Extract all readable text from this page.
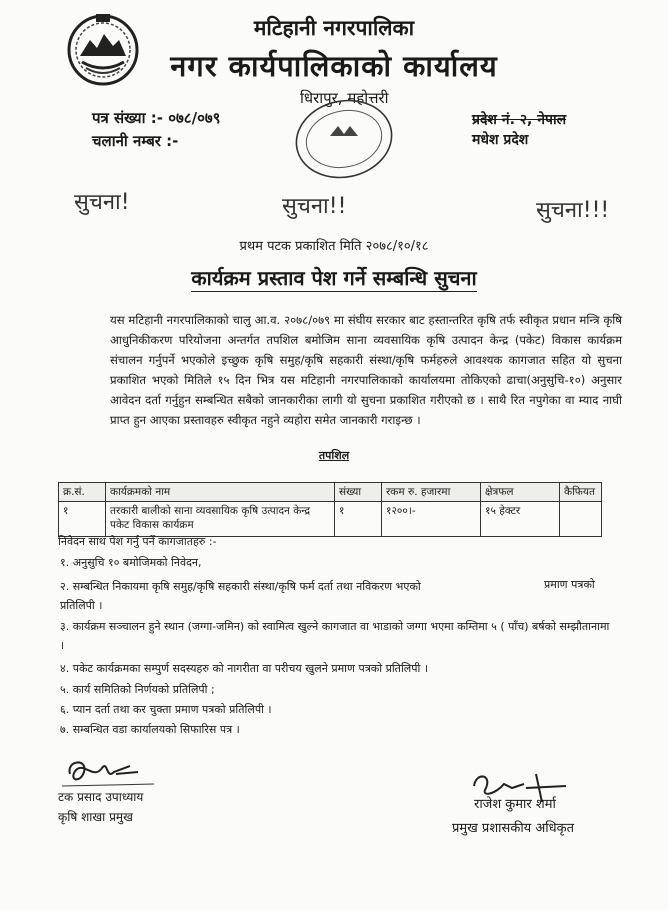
मटिहानी नगरपालिका
नगर कार्यपालिकाको कार्यालय
धिरापुर, महोत्तरी
पत्र संख्या :- ०७८/०७९
चलानी नम्बर :-
प्रदेश नं. २, नेपाल
मधेश प्रदेश
सुचना!	सुचना!!	सुचना!!!
प्रथम पटक प्रकाशित मिति २०७८/१०/१८
कार्यक्रम प्रस्ताव पेश गर्ने सम्बन्धि सुचना
यस मटिहानी नगरपालिकाको चालु आ.व. २०७८/०७९ मा संघीय सरकार बाट हस्तान्तरित कृषि तर्फ स्वीकृत प्रधान मन्त्रि कृषि आधुनिकीकरण परियोजना अन्तर्गत तपशिल बमोजिम साना व्यवसायिक कृषि उत्पादन केन्द्र (पकेट) विकास कार्यक्रम संचालन गर्नुपर्ने भएकोले इच्छुक कृषि समुह/कृषि सहकारी संस्था/कृषि फर्महरुले आवश्यक कागजात सहित यो सुचना प्रकाशित भएको मितिले १५ दिन भित्र यस मटिहानी नगरपालिकाको कार्यालयमा तोकिएको ढाचा(अनुसुचि-१०) अनुसार आवेदन दर्ता गर्नुहुन सम्बन्धित सबैको जानकारीका लागी यो सुचना प्रकाशित गरीएको छ । साथै रित नपुगेका वा म्याद नाघी प्राप्त हुन आएका प्रस्तावहरु स्वीकृत नहुने व्यहोरा समेत जानकारी गराइन्छ ।
तपशिल
क्र.सं.	कार्यक्रमको नाम	संख्या	रकम रु. हजारमा	क्षेत्रफल	कैफियत
१	तरकारी बालीको साना व्यवसायिक कृषि उत्पादन केन्द्र पकेट विकास कार्यक्रम	१	१२००।-	१५ हेक्टर	
निवेदन साथ पेश गर्नु पर्ने कागजातहरु :-
१. अनुसुचि १० बमोजिमको निवेदन,
२. सम्बन्धित निकायमा कृषि समुह/कृषि सहकारी संस्था/कृषि फर्म दर्ता तथा नविकरण भएको
प्रतिलिपी ।
प्रमाण पत्रको
३. कार्यक्रम सञ्चालन हुने स्थान (जग्गा-जमिन) को स्वामित्व खुल्ने कागजात वा भाडाको जग्गा भएमा कम्तिमा ५ ( पाँच) बर्षको सम्झौतानामा ।
४. पकेट कार्यक्रमका सम्पुर्ण सदस्यहरु को नागरीता वा परीचय खुलने प्रमाण पत्रको प्रतिलिपी ।
५. कार्य समितिको निर्णयको प्रतिलिपी ;
६. प्यान दर्ता तथा कर चुक्ता प्रमाण पत्रको प्रतिलिपी ।
७. सम्बन्धित वडा कार्यालयको सिफारिस पत्र ।
टक प्रसाद उपाध्याय
कृषि शाखा प्रमुख
राजेश कुमार शर्मा
प्रमुख प्रशासकीय अधिकृत
